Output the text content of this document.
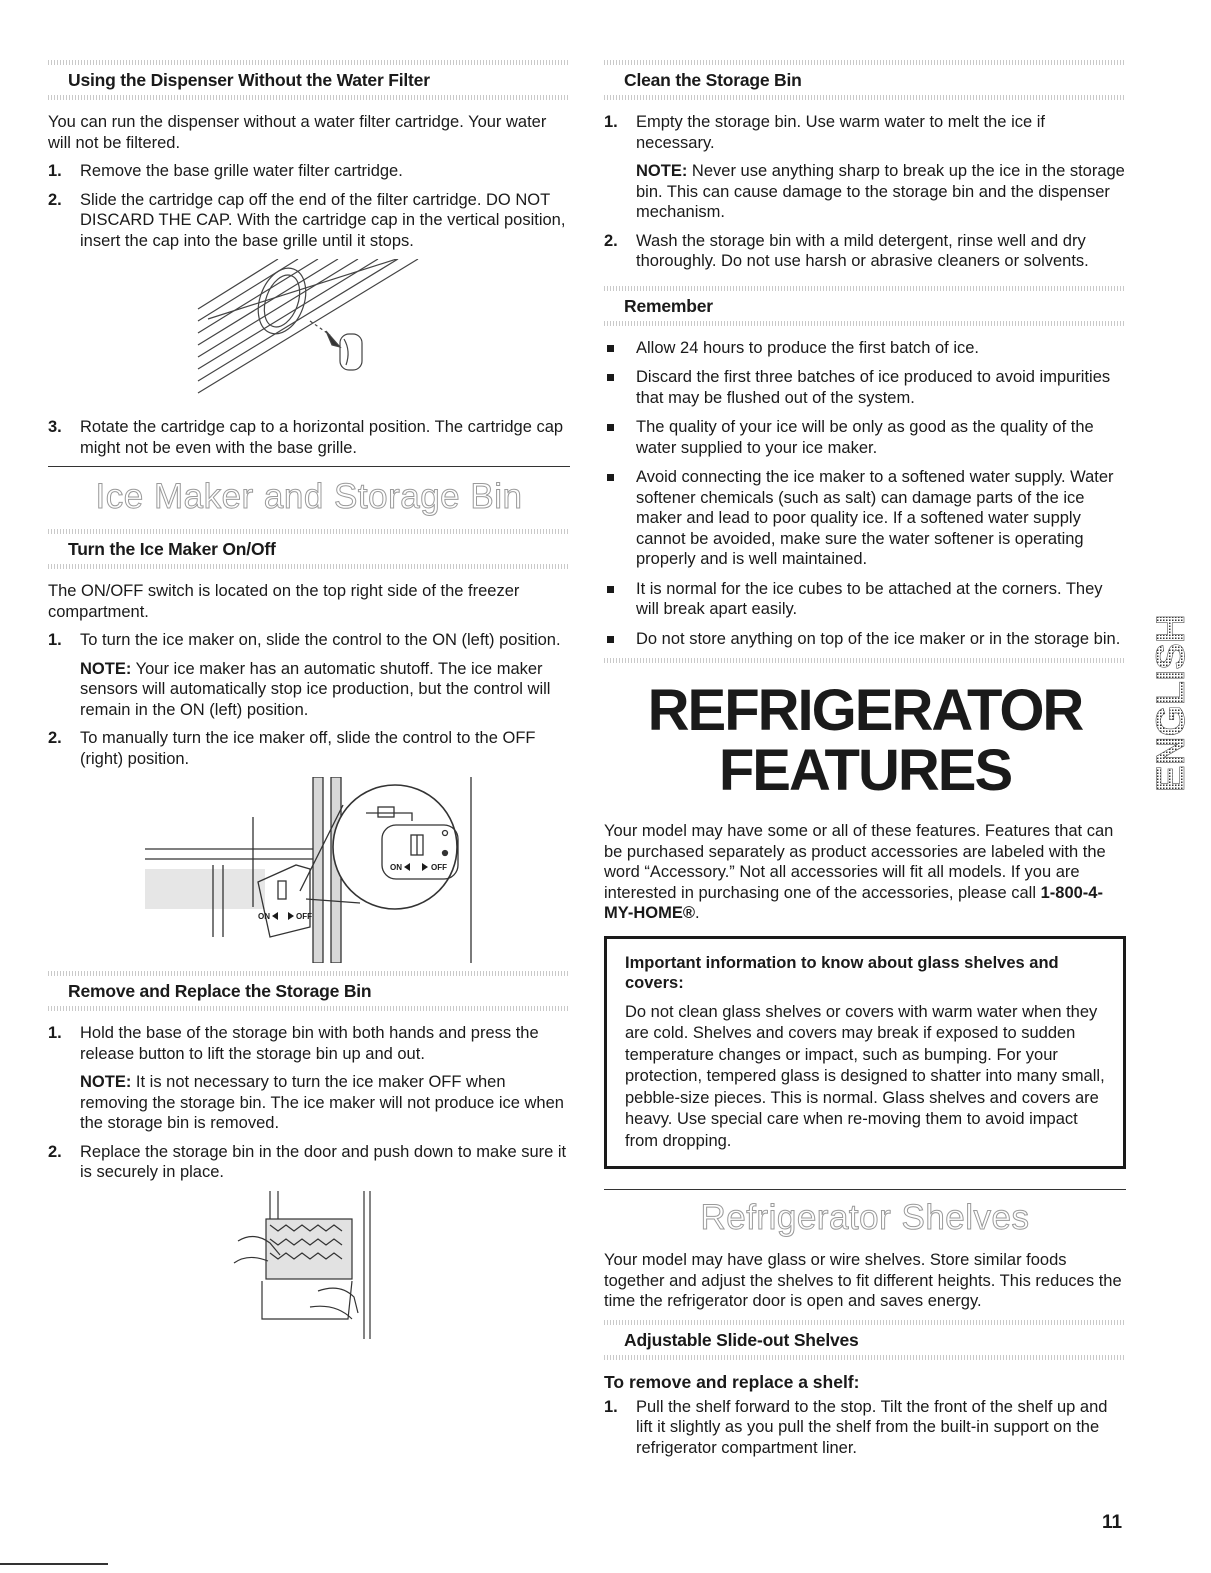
Using the Dispenser Without the Water Filter

You can run the dispenser without a water filter cartridge. Your water will not be filtered.

1. Remove the base grille water filter cartridge.
2. Slide the cartridge cap off the end of the filter cartridge. DO NOT DISCARD THE CAP. With the cartridge cap in the vertical position, insert the cap into the base grille until it stops.
3. Rotate the cartridge cap to a horizontal position. The cartridge cap might not be even with the base grille.
Ice Maker and Storage Bin
Turn the Ice Maker On/Off

The ON/OFF switch is located on the top right side of the freezer compartment.

1. To turn the ice maker on, slide the control to the ON (left) position.
NOTE: Your ice maker has an automatic shutoff. The ice maker sensors will automatically stop ice production, but the control will remain in the ON (left) position.
2. To manually turn the ice maker off, slide the control to the OFF (right) position.
ON	OFF
ON	OFF
Remove and Replace the Storage Bin
1. Hold the base of the storage bin with both hands and press the release button to lift the storage bin up and out.
NOTE: It is not necessary to turn the ice maker OFF when removing the storage bin. The ice maker will not produce ice when the storage bin is removed.
2. Replace the storage bin in the door and push down to make sure it is securely in place.
Clean the Storage Bin
1. Empty the storage bin. Use warm water to melt the ice if necessary.
NOTE: Never use anything sharp to break up the ice in the storage bin. This can cause damage to the storage bin and the dispenser mechanism.
2. Wash the storage bin with a mild detergent, rinse well and dry thoroughly. Do not use harsh or abrasive cleaners or solvents.
Remember
Allow 24 hours to produce the first batch of ice.
Discard the first three batches of ice produced to avoid impurities that may be flushed out of the system.
The quality of your ice will be only as good as the quality of the water supplied to your ice maker.
Avoid connecting the ice maker to a softened water supply. Water softener chemicals (such as salt) can damage parts of the ice maker and lead to poor quality ice. If a softened water supply cannot be avoided, make sure the water softener is operating properly and is well maintained.
It is normal for the ice cubes to be attached at the corners. They will break apart easily.
Do not store anything on top of the ice maker or in the storage bin.
REFRIGERATOR
FEATURES

Your model may have some or all of these features. Features that can be purchased separately as product accessories are labeled with the word “Accessory.” Not all accessories will fit all models. If you are interested in purchasing one of the accessories, please call 1-800-4-MY-HOME®.

Important information to know about glass shelves and covers:

Do not clean glass shelves or covers with warm water when they are cold. Shelves and covers may break if exposed to sudden temperature changes or impact, such as bumping. For your protection, tempered glass is designed to shatter into many small, pebble-size pieces. This is normal. Glass shelves and covers are heavy. Use special care when re-moving them to avoid impact from dropping.

Refrigerator Shelves

Your model may have glass or wire shelves. Store similar foods together and adjust the shelves to fit different heights. This reduces the time the refrigerator door is open and saves energy.

Adjustable Slide-out Shelves
To remove and replace a shelf:
1. Pull the shelf forward to the stop. Tilt the front of the shelf up and lift it slightly as you pull the shelf from the built-in support on the refrigerator compartment liner.
ENGLISH
11
